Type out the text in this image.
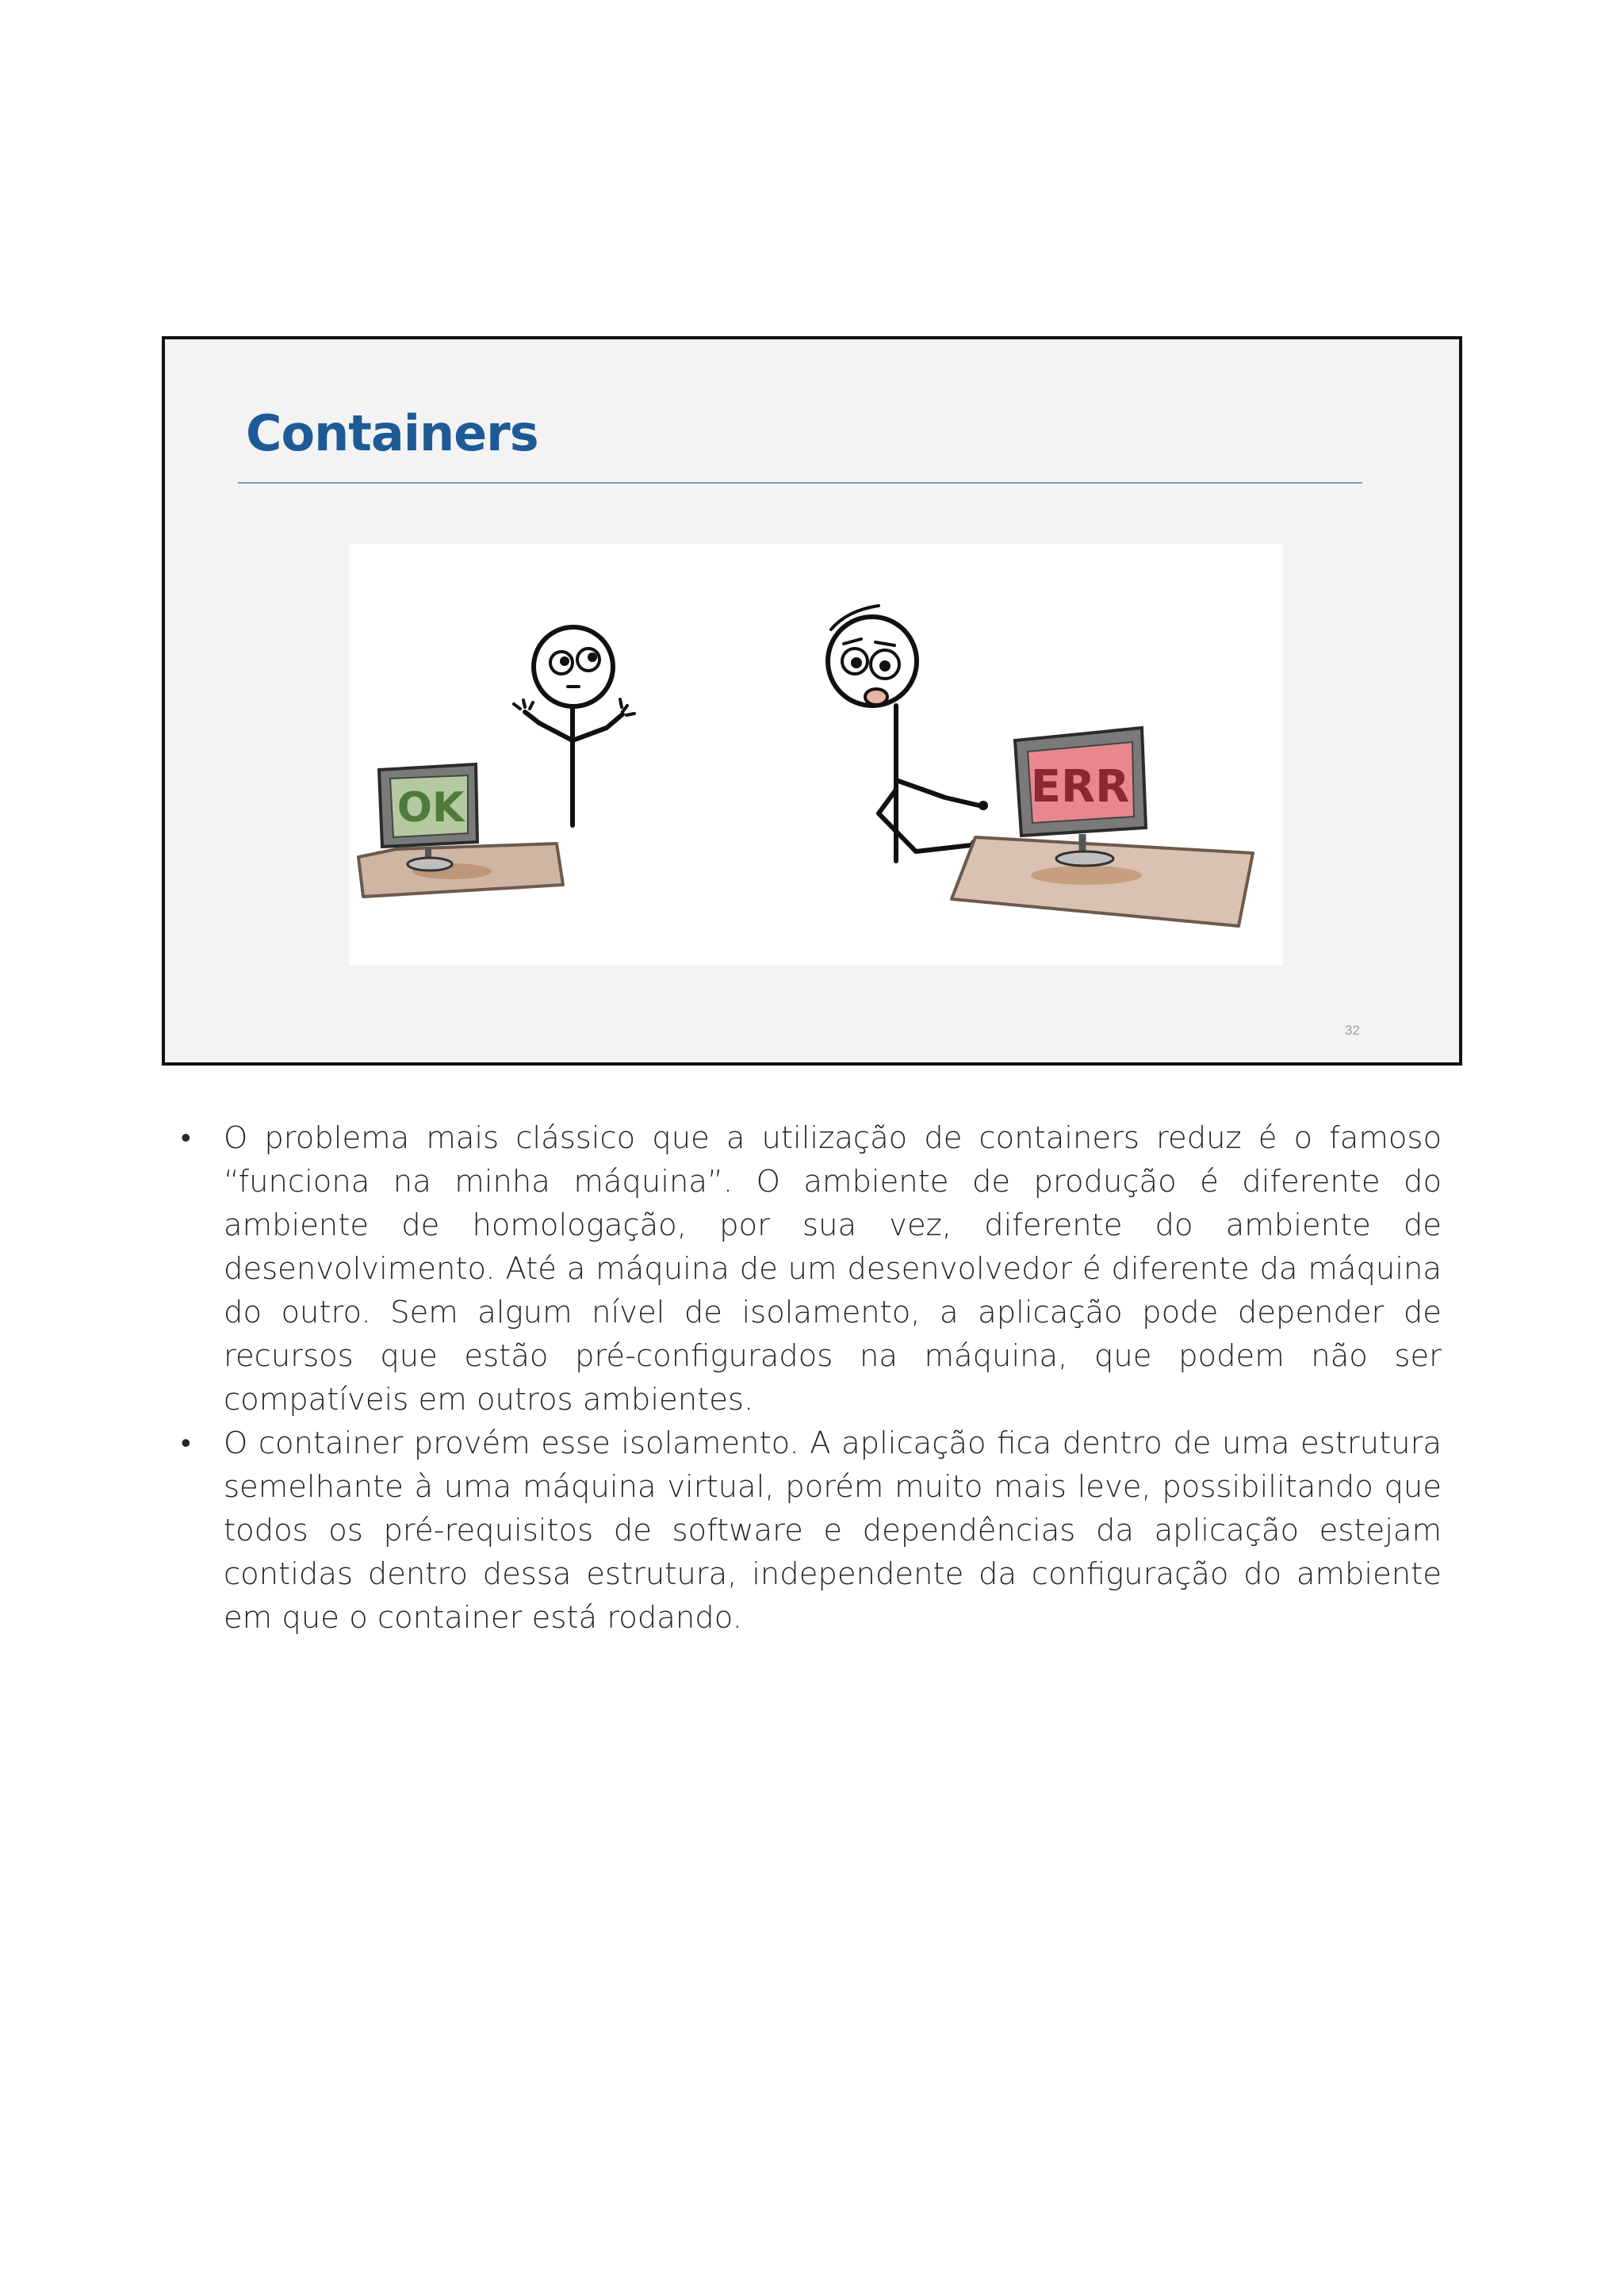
Containers
OK	ERR
32
• O problema mais clássico que a utilização de containers reduz é o famoso “funciona na minha máquina”. O ambiente de produção é diferente do ambiente de homologação, por sua vez, diferente do ambiente de desenvolvimento. Até a máquina de um desenvolvedor é diferente da máquina do outro. Sem algum nível de isolamento, a aplicação pode depender de recursos que estão pré-configurados na máquina, que podem não ser compatíveis em outros ambientes.
• O container provém esse isolamento. A aplicação fica dentro de uma estrutura semelhante à uma máquina virtual, porém muito mais leve, possibilitando que todos os pré-requisitos de software e dependências da aplicação estejam contidas dentro dessa estrutura, independente da configuração do ambiente em que o container está rodando.
